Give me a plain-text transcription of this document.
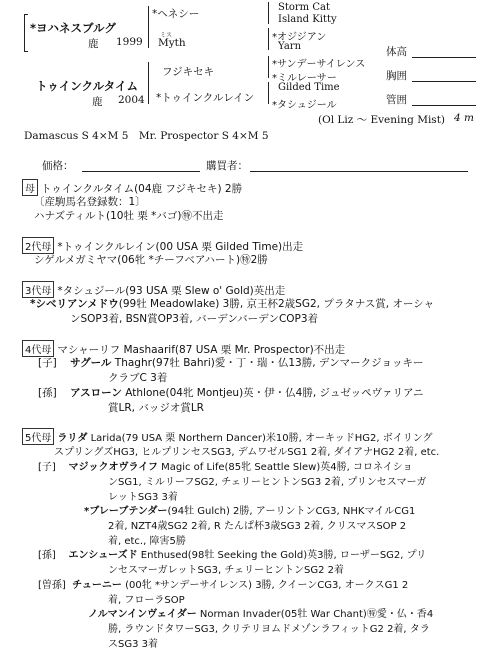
*ヨハネスブルグ
鹿 1999
トゥインクルタイム
鹿 2004
*ヘネシー
ミス
Myth
フジキセキ
*トゥインクルレイン
Storm Cat
Island Kitty
*オジジアン
Yarn
*サンデーサイレンス
*ミルレーサー
Gilded Time
*タシュジール
(Ol Liz ～ Evening Mist) 4 m
体高
胸囲
管囲
Damascus S 4×M 5　Mr. Prospector S 4×M 5
価格：	購買者：
母 トゥインクルタイム(04鹿 フジキセキ) 2勝
〔産駒馬名登録数：1〕
ハナズティルト(10牡 栗 *バゴ)㊕不出走
2代母 *トゥインクルレイン(00 USA 栗 Gilded Time)出走
シゲルメガミヤマ(06牝 *チーフベアハート)㊕2勝
3代母 *タシュジール(93 USA 栗 Slew o' Gold)英出走
*シベリアンメドウ(99牡 Meadowlake) 3勝, 京王杯2歳SG2, プラタナス賞, オーシャ
ンSOP3着, BSN賞OP3着, バーデンバーデンCOP3着
4代母 マシャーリフ Mashaarif(87 USA 栗 Mr. Prospector)不出走
[子] サグール Thaghr(97牡 Bahri)愛・丁・瑞・仏13勝, デンマークジョッキー
クラブC 3着
[孫] アスローン Athlone(04牝 Montjeu)英・伊・仏4勝, ジュゼッペヴァリアニ
賞LR, バッジオ賞LR
5代母 ラリダ Larida(79 USA 栗 Northern Dancer)米10勝, オーキッドHG2, ボイリング
スプリングズHG3, ヒルプリンセスSG3, デムワゼルSG1 2着, ダイアナHG2 2着, etc.
[子] マジックオヴライフ Magic of Life(85牝 Seattle Slew)英4勝, コロネイショ
ンSG1, ミルリーフSG2, チェリーヒントンSG3 2着, プリンセスマーガ
レットSG3 3着
*ブレーブテンダー(94牡 Gulch) 2勝, アーリントンCG3, NHKマイルCG1
2着, NZT4歳SG2 2着, R たんぱ杯3歳SG3 2着, クリスマスSOP 2
着, etc., 障害5勝
[孫] エンシューズド Enthused(98牡 Seeking the Gold)英3勝, ローザーSG2, プリ
ンセスマーガレットSG3, チェリーヒントンSG2 2着
[曽孫] チューニー (00牝 *サンデーサイレンス) 3勝, クイーンCG3, オークスG1 2
着, フローラSOP
ノルマンインヴェイダー Norman Invader(05牡 War Chant)㊕愛・仏・香4
勝, ラウンドタワーSG3, クリテリヨムドメゾンラフィットG2 2着, タラ
スSG3 3着
